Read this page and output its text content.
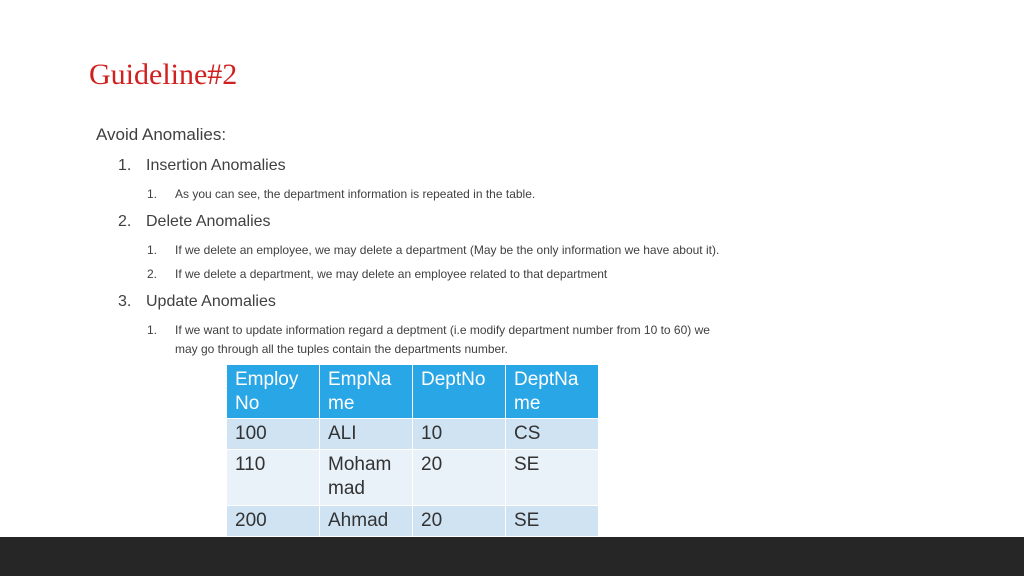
Guideline#2
Avoid Anomalies:
1. Insertion Anomalies
1. As you can see, the department information is repeated in the table.
2. Delete Anomalies
1. If we delete an employee, we may delete a department (May be the only information we have about it).
2. If we delete a department, we may delete an employee related to that department
3. Update Anomalies
1. If we want to update information regard a deptment (i.e modify department number from 10 to 60) we may go through all the tuples contain the departments number.
EmployNo	EmpName	DeptNo	DeptName
100	ALI	10	CS
110	Mohammad	20	SE
200	Ahmad	20	SE
